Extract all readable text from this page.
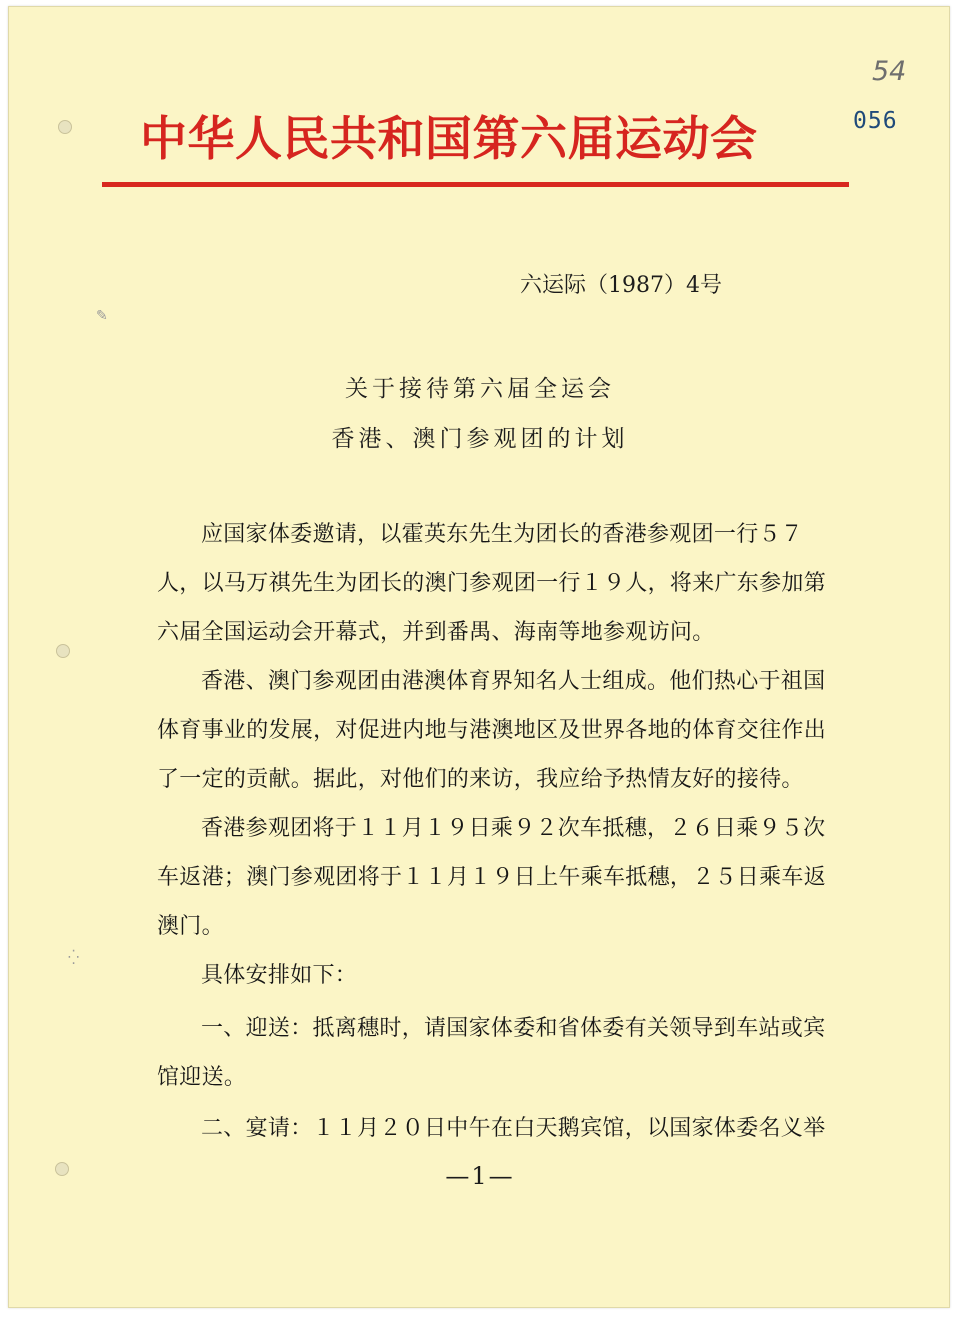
✎
⁛
中华人民共和国第六届运动会
54
056
六运际（1987）4号
关于接待第六届全运会
香港、澳门参观团的计划
应国家体委邀请，以霍英东先生为团长的香港参观团一行５７人，以马万祺先生为团长的澳门参观团一行１９人，将来广东参加第六届全国运动会开幕式，并到番禺、海南等地参观访问。
香港、澳门参观团由港澳体育界知名人士组成。他们热心于祖国体育事业的发展，对促进内地与港澳地区及世界各地的体育交往作出了一定的贡献。据此，对他们的来访，我应给予热情友好的接待。
香港参观团将于１１月１９日乘９２次车抵穗，２６日乘９５次车返港；澳门参观团将于１１月１９日上午乘车抵穗，２５日乘车返澳门。
具体安排如下：
一、迎送：抵离穗时，请国家体委和省体委有关领导到车站或宾馆迎送。
二、宴请：１１月２０日中午在白天鹅宾馆，以国家体委名义举
—1—
